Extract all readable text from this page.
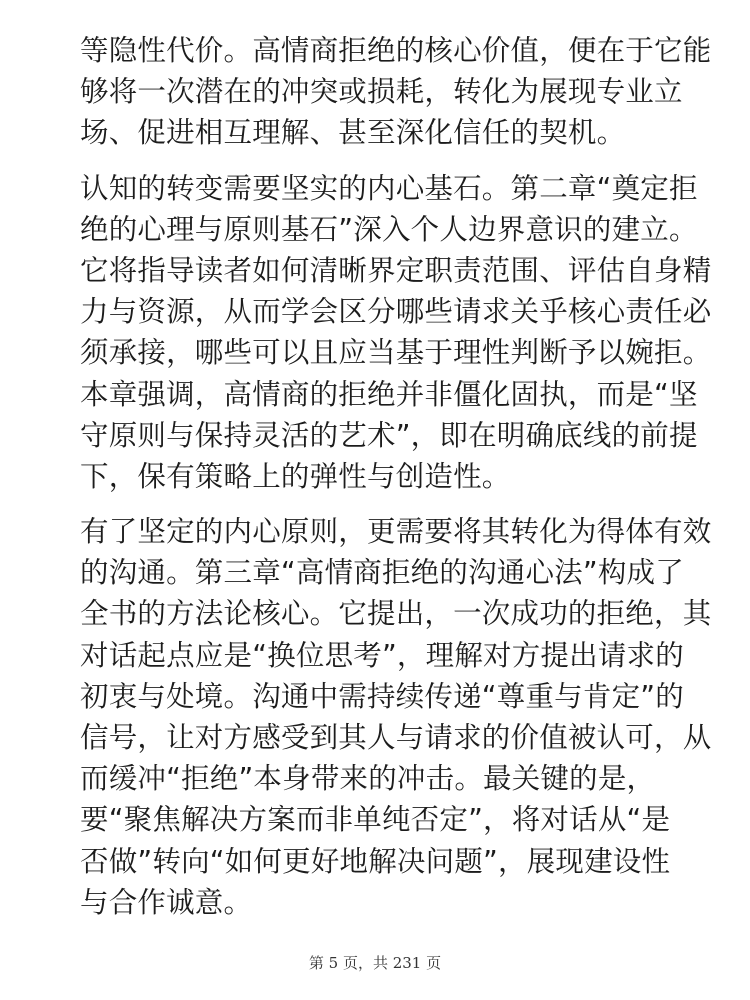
等隐性代价。高情商拒绝的核心价值，便在于它能
够将一次潜在的冲突或损耗，转化为展现专业立
场、促进相互理解、甚至深化信任的契机。

认知的转变需要坚实的内心基石。第二章“奠定拒
绝的心理与原则基石”深入个人边界意识的建立。
它将指导读者如何清晰界定职责范围、评估自身精
力与资源，从而学会区分哪些请求关乎核心责任必
须承接，哪些可以且应当基于理性判断予以婉拒。
本章强调，高情商的拒绝并非僵化固执，而是“坚
守原则与保持灵活的艺术”，即在明确底线的前提
下，保有策略上的弹性与创造性。

有了坚定的内心原则，更需要将其转化为得体有效
的沟通。第三章“高情商拒绝的沟通心法”构成了
全书的方法论核心。它提出，一次成功的拒绝，其
对话起点应是“换位思考”，理解对方提出请求的
初衷与处境。沟通中需持续传递“尊重与肯定”的
信号，让对方感受到其人与请求的价值被认可，从
而缓冲“拒绝”本身带来的冲击。最关键的是，
要“聚焦解决方案而非单纯否定”，将对话从“是
否做”转向“如何更好地解决问题”，展现建设性
与合作诚意。

第 5 页，共 231 页
